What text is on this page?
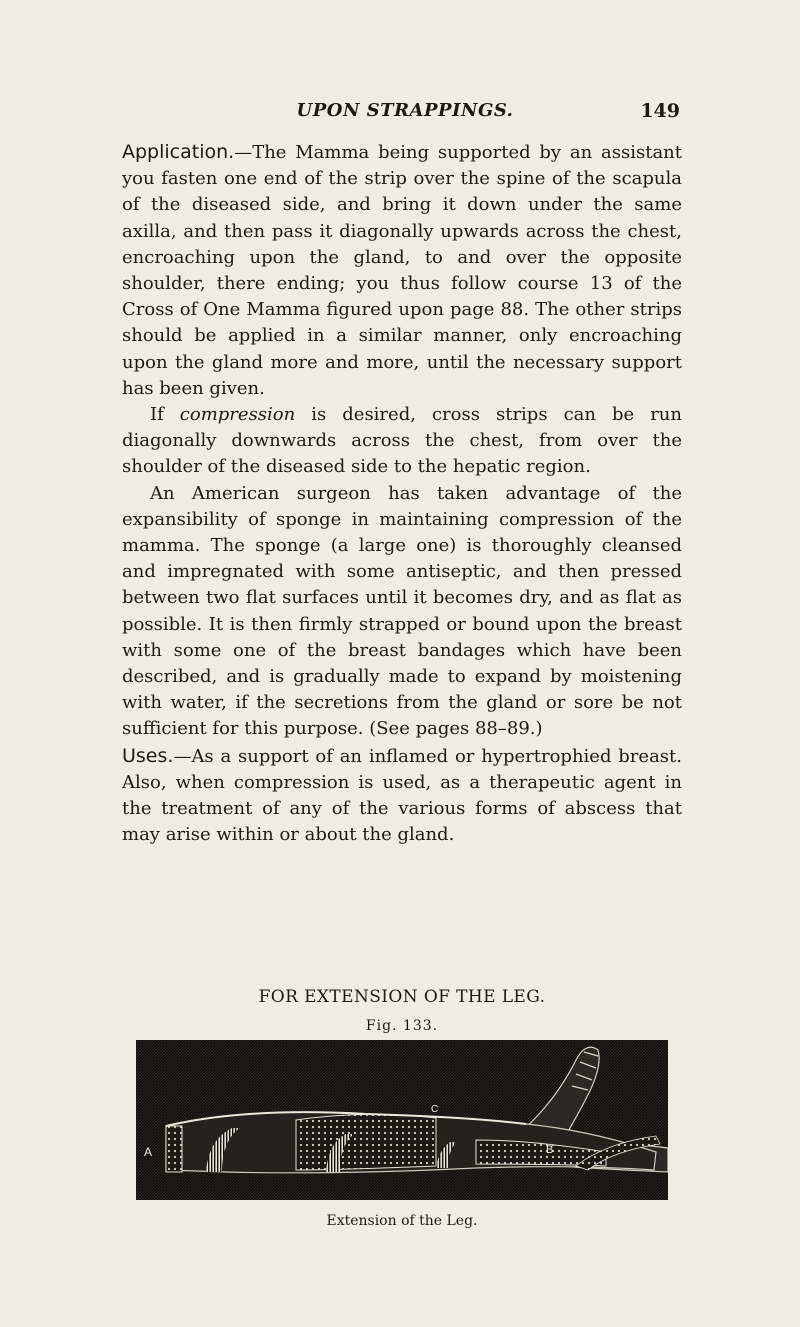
UPON STRAPPINGS.	149

Application.—The Mamma being supported by an assistant you fasten one end of the strip over the spine of the scapula of the diseased side, and bring it down under the same axilla, and then pass it diagonally upwards across the chest, encroaching upon the gland, to and over the opposite shoulder, there ending; you thus follow course 13 of the Cross of One Mamma figured upon page 88. The other strips should be applied in a similar manner, only encroaching upon the gland more and more, until the necessary support has been given.

If compression is desired, cross strips can be run diagonally downwards across the chest, from over the shoulder of the diseased side to the hepatic region.

An American surgeon has taken advantage of the expansibility of sponge in maintaining compression of the mamma. The sponge (a large one) is thoroughly cleansed and impregnated with some antiseptic, and then pressed between two flat surfaces until it becomes dry, and as flat as possible. It is then firmly strapped or bound upon the breast with some one of the breast bandages which have been described, and is gradually made to expand by moistening with water, if the secretions from the gland or sore be not sufficient for this purpose. (See pages 88–89.)

Uses.—As a support of an inflamed or hypertrophied breast. Also, when compression is used, as a therapeutic agent in the treatment of any of the various forms of abscess that may arise within or about the gland.

FOR EXTENSION OF THE LEG.
Fig. 133.
A	B
C
Extension of the Leg.
